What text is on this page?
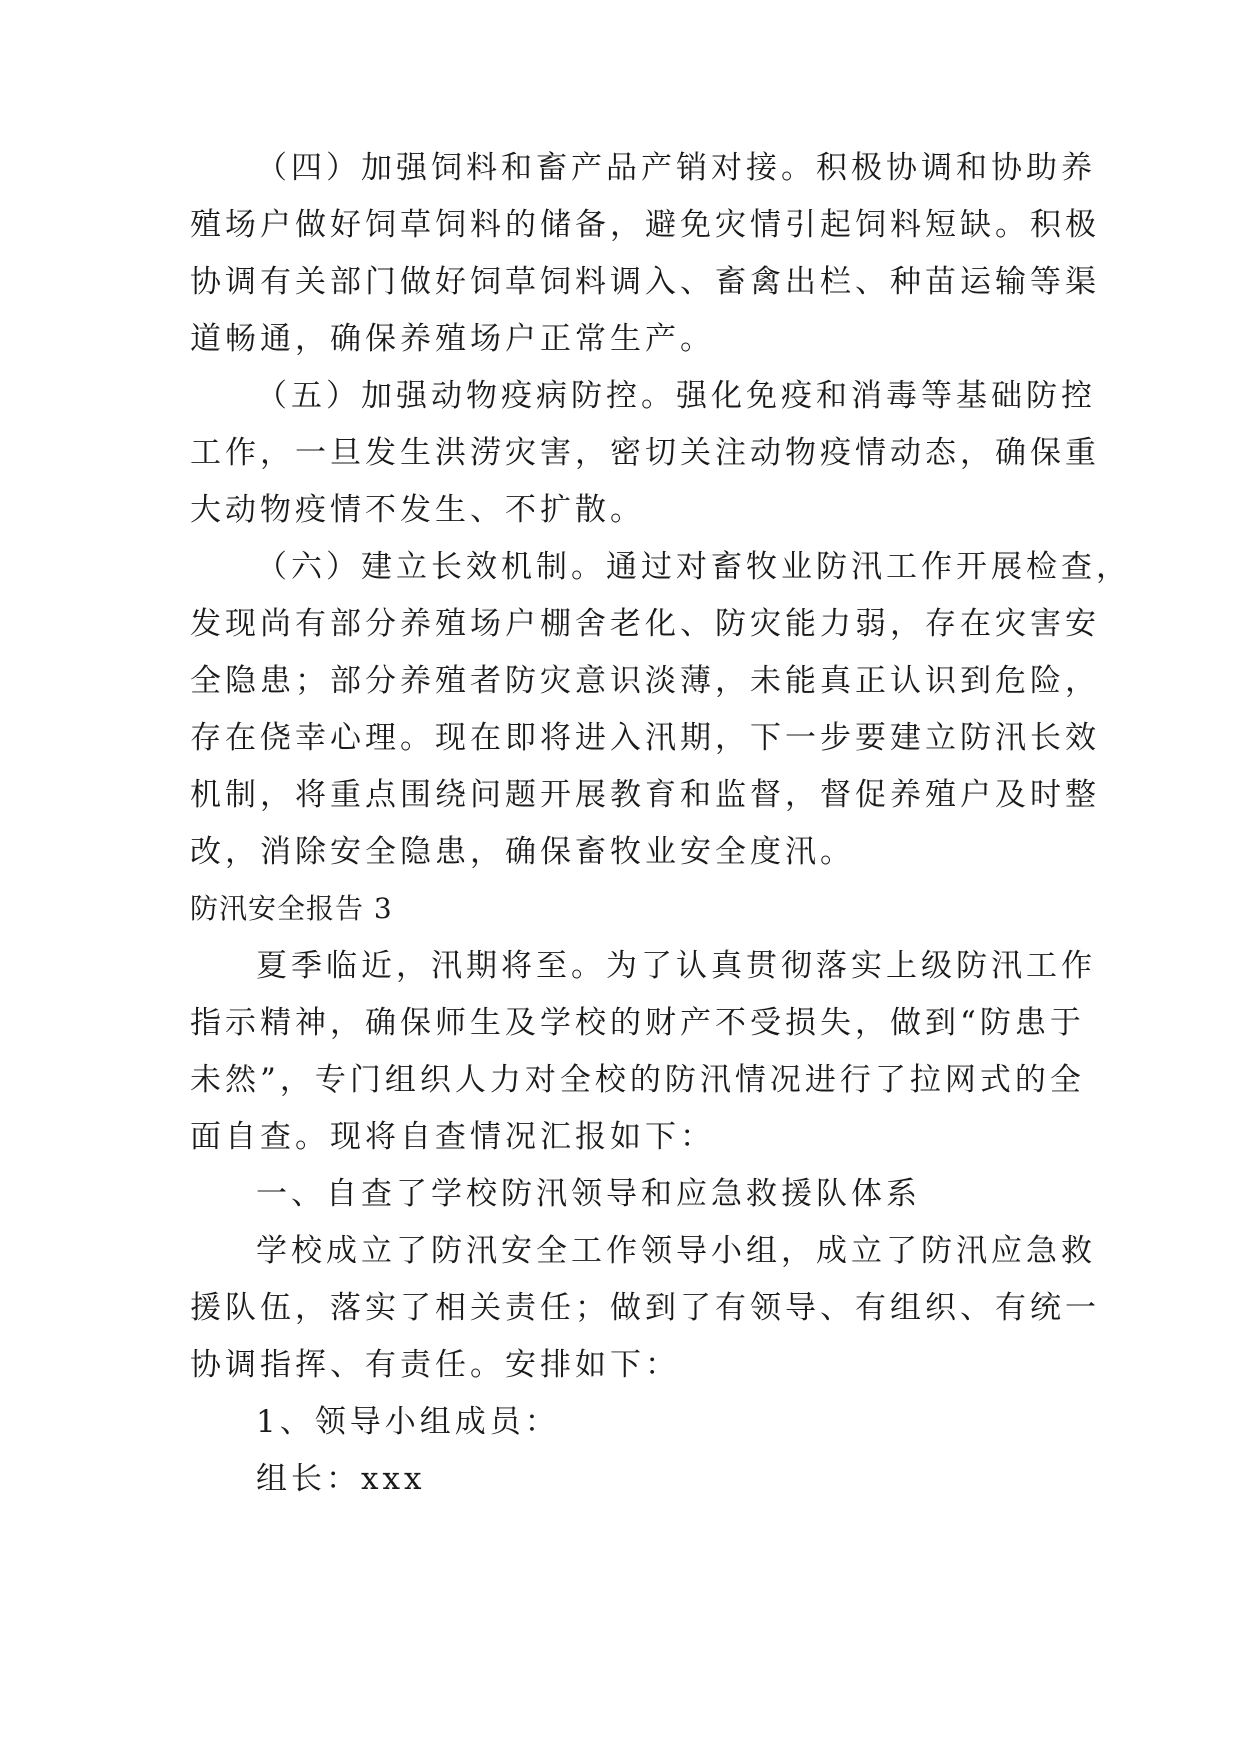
（四）加强饲料和畜产品产销对接。积极协调和协助养
殖场户做好饲草饲料的储备，避免灾情引起饲料短缺。积极
协调有关部门做好饲草饲料调入、畜禽出栏、种苗运输等渠
道畅通，确保养殖场户正常生产。
（五）加强动物疫病防控。强化免疫和消毒等基础防控
工作，一旦发生洪涝灾害，密切关注动物疫情动态，确保重
大动物疫情不发生、不扩散。
（六）建立长效机制。通过对畜牧业防汛工作开展检查，
发现尚有部分养殖场户棚舍老化、防灾能力弱，存在灾害安
全隐患；部分养殖者防灾意识淡薄，未能真正认识到危险，
存在侥幸心理。现在即将进入汛期，下一步要建立防汛长效
机制，将重点围绕问题开展教育和监督，督促养殖户及时整
改，消除安全隐患，确保畜牧业安全度汛。
防汛安全报告 3
夏季临近，汛期将至。为了认真贯彻落实上级防汛工作
指示精神，确保师生及学校的财产不受损失，做到“防患于
未然”，专门组织人力对全校的防汛情况进行了拉网式的全
面自查。现将自查情况汇报如下：
一、自查了学校防汛领导和应急救援队体系
学校成立了防汛安全工作领导小组，成立了防汛应急救
援队伍，落实了相关责任；做到了有领导、有组织、有统一
协调指挥、有责任。安排如下：
1、领导小组成员：
组长：xxx
